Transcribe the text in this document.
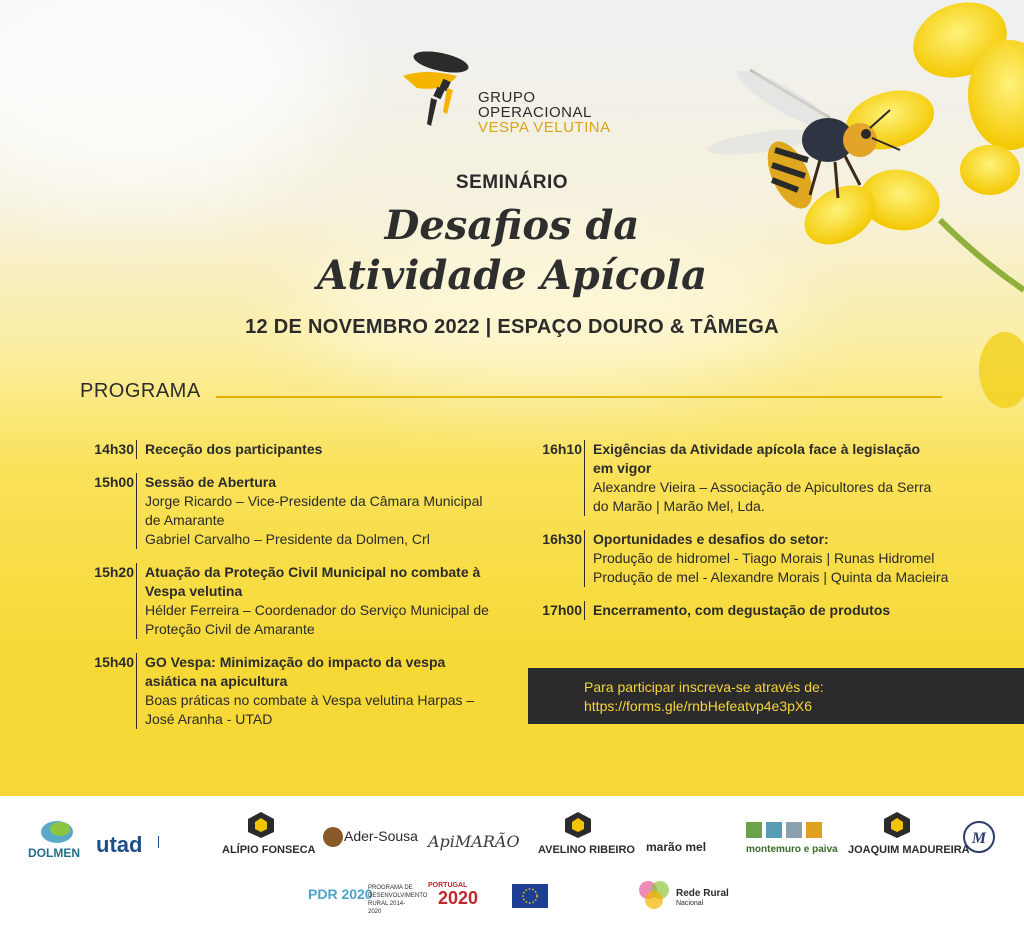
GRUPO
OPERACIONAL
VESPA VELUTINA
SEMINÁRIO
Desafios da
Atividade Apícola
12 DE NOVEMBRO 2022 | ESPAÇO DOURO & TÂMEGA
PROGRAMA
14h30 Receção dos participantes
15h00 Sessão de Abertura
Jorge Ricardo – Vice-Presidente da Câmara Municipal
de Amarante
Gabriel Carvalho – Presidente da Dolmen, Crl
15h20 Atuação da Proteção Civil Municipal no combate à
Vespa velutina
Hélder Ferreira – Coordenador do Serviço Municipal de
Proteção Civil de Amarante
15h40 GO Vespa: Minimização do impacto da vespa
asiática na apicultura
Boas práticas no combate à Vespa velutina Harpas –
José Aranha - UTAD
16h10 Exigências da Atividade apícola face à legislação
em vigor
Alexandre Vieira – Associação de Apicultores da Serra
do Marão | Marão Mel, Lda.
16h30 Oportunidades e desafios do setor:
Produção de hidromel - Tiago Morais | Runas Hidromel
Produção de mel - Alexandre Morais | Quinta da Macieira
17h00 Encerramento, com degustação de produtos
Para participar inscreva-se através de:
https://forms.gle/rnbHefeatvp4e3pX6
DOLMEN utad	ALÍPIO FONSECA
Ader-Sousa ApiMARÃO AVELINO RIBEIRO marão mel	montemuro e paiva JOAQUIM MADUREIRA
M
PDR 2020
PROGRAMA DE DESENVOLVIMENTO RURAL 2014-2020
PORTUGAL
2020	Rede Rural
Nacional
